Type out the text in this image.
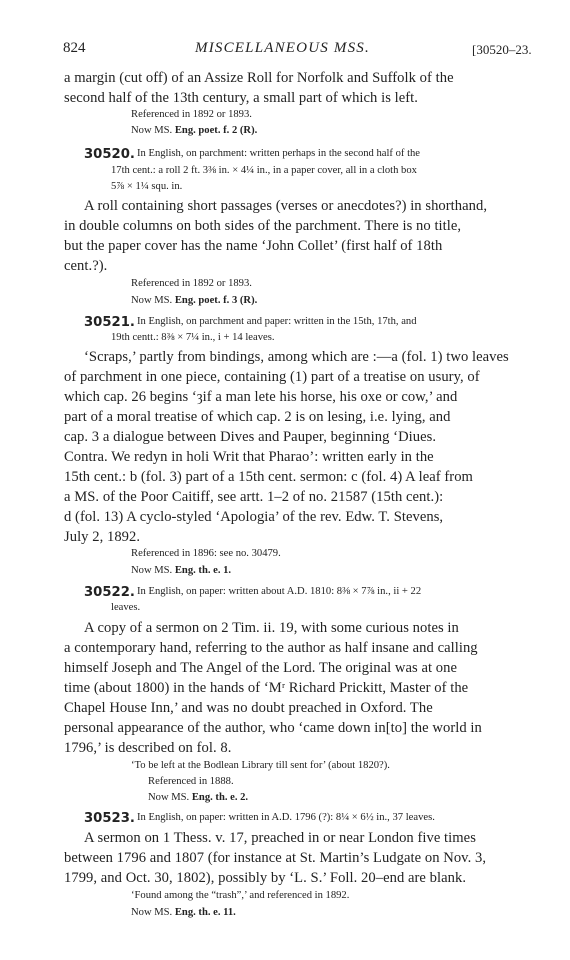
824	MISCELLANEOUS MSS.	[30520–23.
a margin (cut off) of an Assize Roll for Norfolk and Suffolk of the
second half of the 13th century, a small part of which is left.
Referenced in 1892 or 1893.
Now MS. Eng. poet. f. 2 (R).
30520. In English, on parchment: written perhaps in the second half of the
17th cent.: a roll 2 ft. 3⅜ in. × 4¼ in., in a paper cover, all in a cloth box
5⅞ × 1¼ squ. in.
A roll containing short passages (verses or anecdotes?) in shorthand,
in double columns on both sides of the parchment. There is no title,
but the paper cover has the name ‘John Collet’ (first half of 18th
cent.?).
Referenced in 1892 or 1893.
Now MS. Eng. poet. f. 3 (R).
30521. In English, on parchment and paper: written in the 15th, 17th, and
19th centt.: 8⅜ × 7¼ in., i + 14 leaves.
‘Scraps,’ partly from bindings, among which are :—a (fol. 1) two leaves
of parchment in one piece, containing (1) part of a treatise on usury, of
which cap. 26 begins ‘ȝif a man lete his horse, his oxe or cow,’ and
part of a moral treatise of which cap. 2 is on lesing, i.e. lying, and
cap. 3 a dialogue between Dives and Pauper, beginning ‘Diues.
Contra. We redyn in holi Writ that Pharao’: written early in the
15th cent.: b (fol. 3) part of a 15th cent. sermon: c (fol. 4) A leaf from
a MS. of the Poor Caitiff, see artt. 1–2 of no. 21587 (15th cent.):
d (fol. 13) A cyclo-styled ‘Apologia’ of the rev. Edw. T. Stevens,
July 2, 1892.
Referenced in 1896: see no. 30479.
Now MS. Eng. th. e. 1.
30522. In English, on paper: written about A.D. 1810: 8⅜ × 7⅞ in., ii + 22
leaves.
A copy of a sermon on 2 Tim. ii. 19, with some curious notes in
a contemporary hand, referring to the author as half insane and calling
himself Joseph and The Angel of the Lord. The original was at one
time (about 1800) in the hands of ‘Mʳ Richard Prickitt, Master of the
Chapel House Inn,’ and was no doubt preached in Oxford. The
personal appearance of the author, who ‘came down in[to] the world in
1796,’ is described on fol. 8.
‘To be left at the Bodlean Library till sent for’ (about 1820?).
Referenced in 1888.
Now MS. Eng. th. e. 2.
30523. In English, on paper: written in A.D. 1796 (?): 8¼ × 6½ in., 37 leaves.
A sermon on 1 Thess. v. 17, preached in or near London five times
between 1796 and 1807 (for instance at St. Martin’s Ludgate on Nov. 3,
1799, and Oct. 30, 1802), possibly by ‘L. S.’ Foll. 20–end are blank.
‘Found among the “trash”,’ and referenced in 1892.
Now MS. Eng. th. e. 11.
